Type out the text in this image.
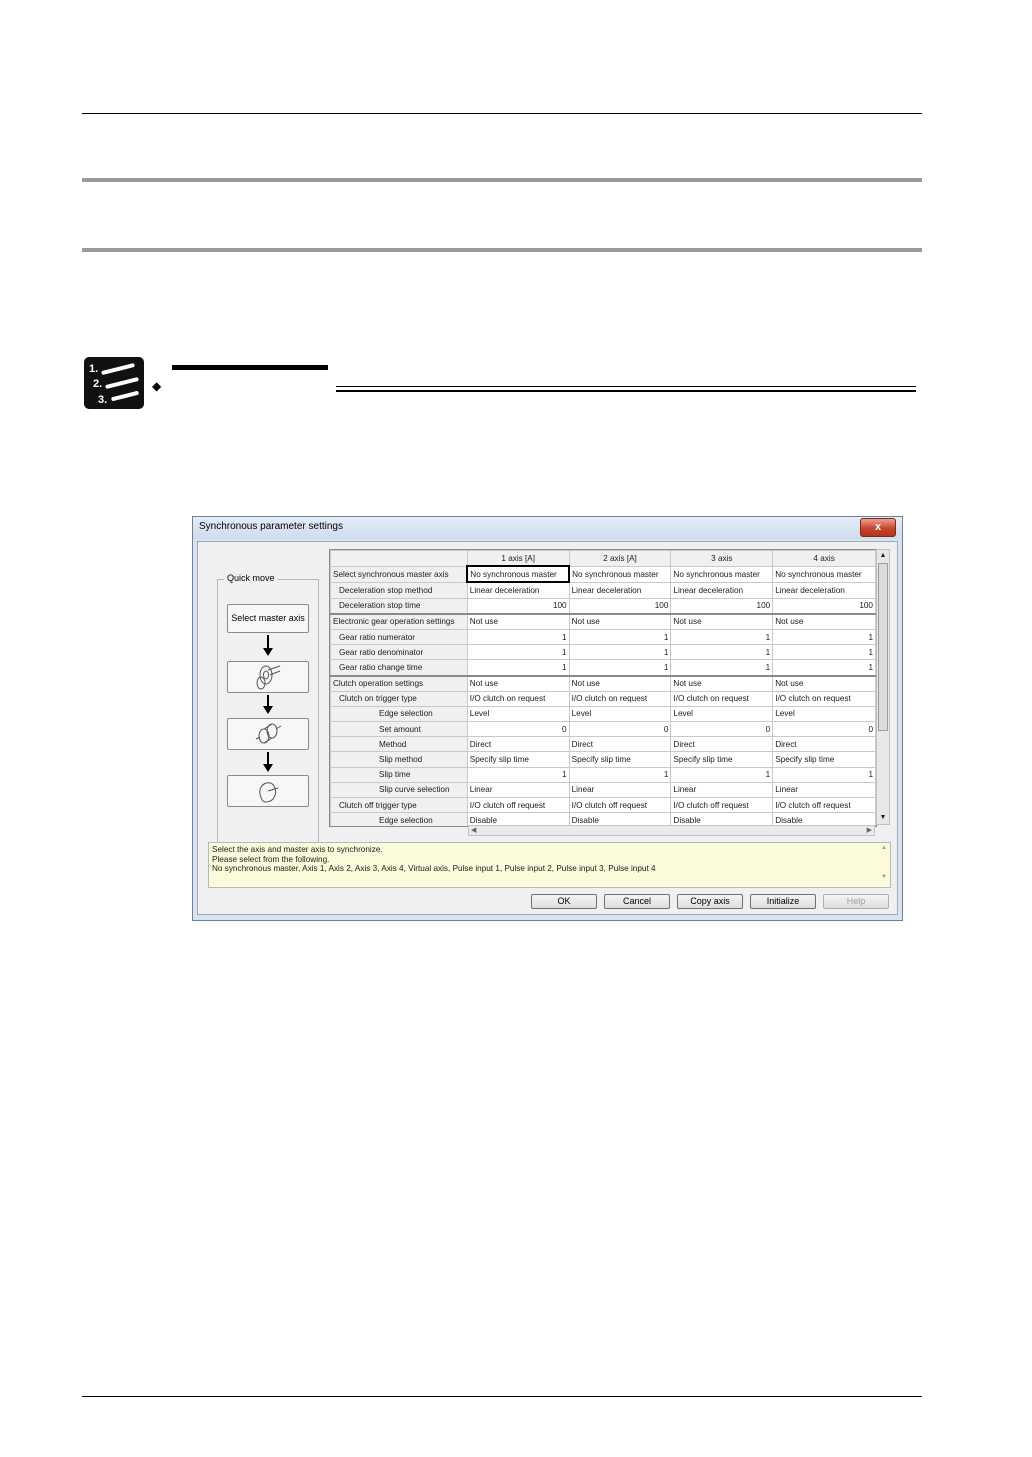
1.
2.
3.
◆
Synchronous parameter settings	x
Quick move
Select master axis
	1 axis [A]	2 axis [A]	3 axis	4 axis
Select synchronous master axis	No synchronous master	No synchronous master	No synchronous master	No synchronous master
Deceleration stop method	Linear deceleration	Linear deceleration	Linear deceleration	Linear deceleration
Deceleration stop time	100	100	100	100
Electronic gear operation settings	Not use	Not use	Not use	Not use
Gear ratio numerator	1	1	1	1
Gear ratio denominator	1	1	1	1
Gear ratio change time	1	1	1	1
Clutch operation settings	Not use	Not use	Not use	Not use
Clutch on trigger type	I/O clutch on request	I/O clutch on request	I/O clutch on request	I/O clutch on request
Edge selection	Level	Level	Level	Level
Set amount	0	0	0	0
Method	Direct	Direct	Direct	Direct
Slip method	Specify slip time	Specify slip time	Specify slip time	Specify slip time
Slip time	1	1	1	1
Slip curve selection	Linear	Linear	Linear	Linear
Clutch off trigger type	I/O clutch off request	I/O clutch off request	I/O clutch off request	I/O clutch off request
Edge selection	Disable	Disable	Disable	Disable
▲
▼
◀	▶
Select the axis and master axis to synchronize.
Please select from the following.
No synchronous master, Axis 1, Axis 2, Axis 3, Axis 4, Virtual axis, Pulse input 1, Pulse input 2, Pulse input 3, Pulse input 4
▲

▼
OK	Cancel	Copy axis	Initialize	Help
